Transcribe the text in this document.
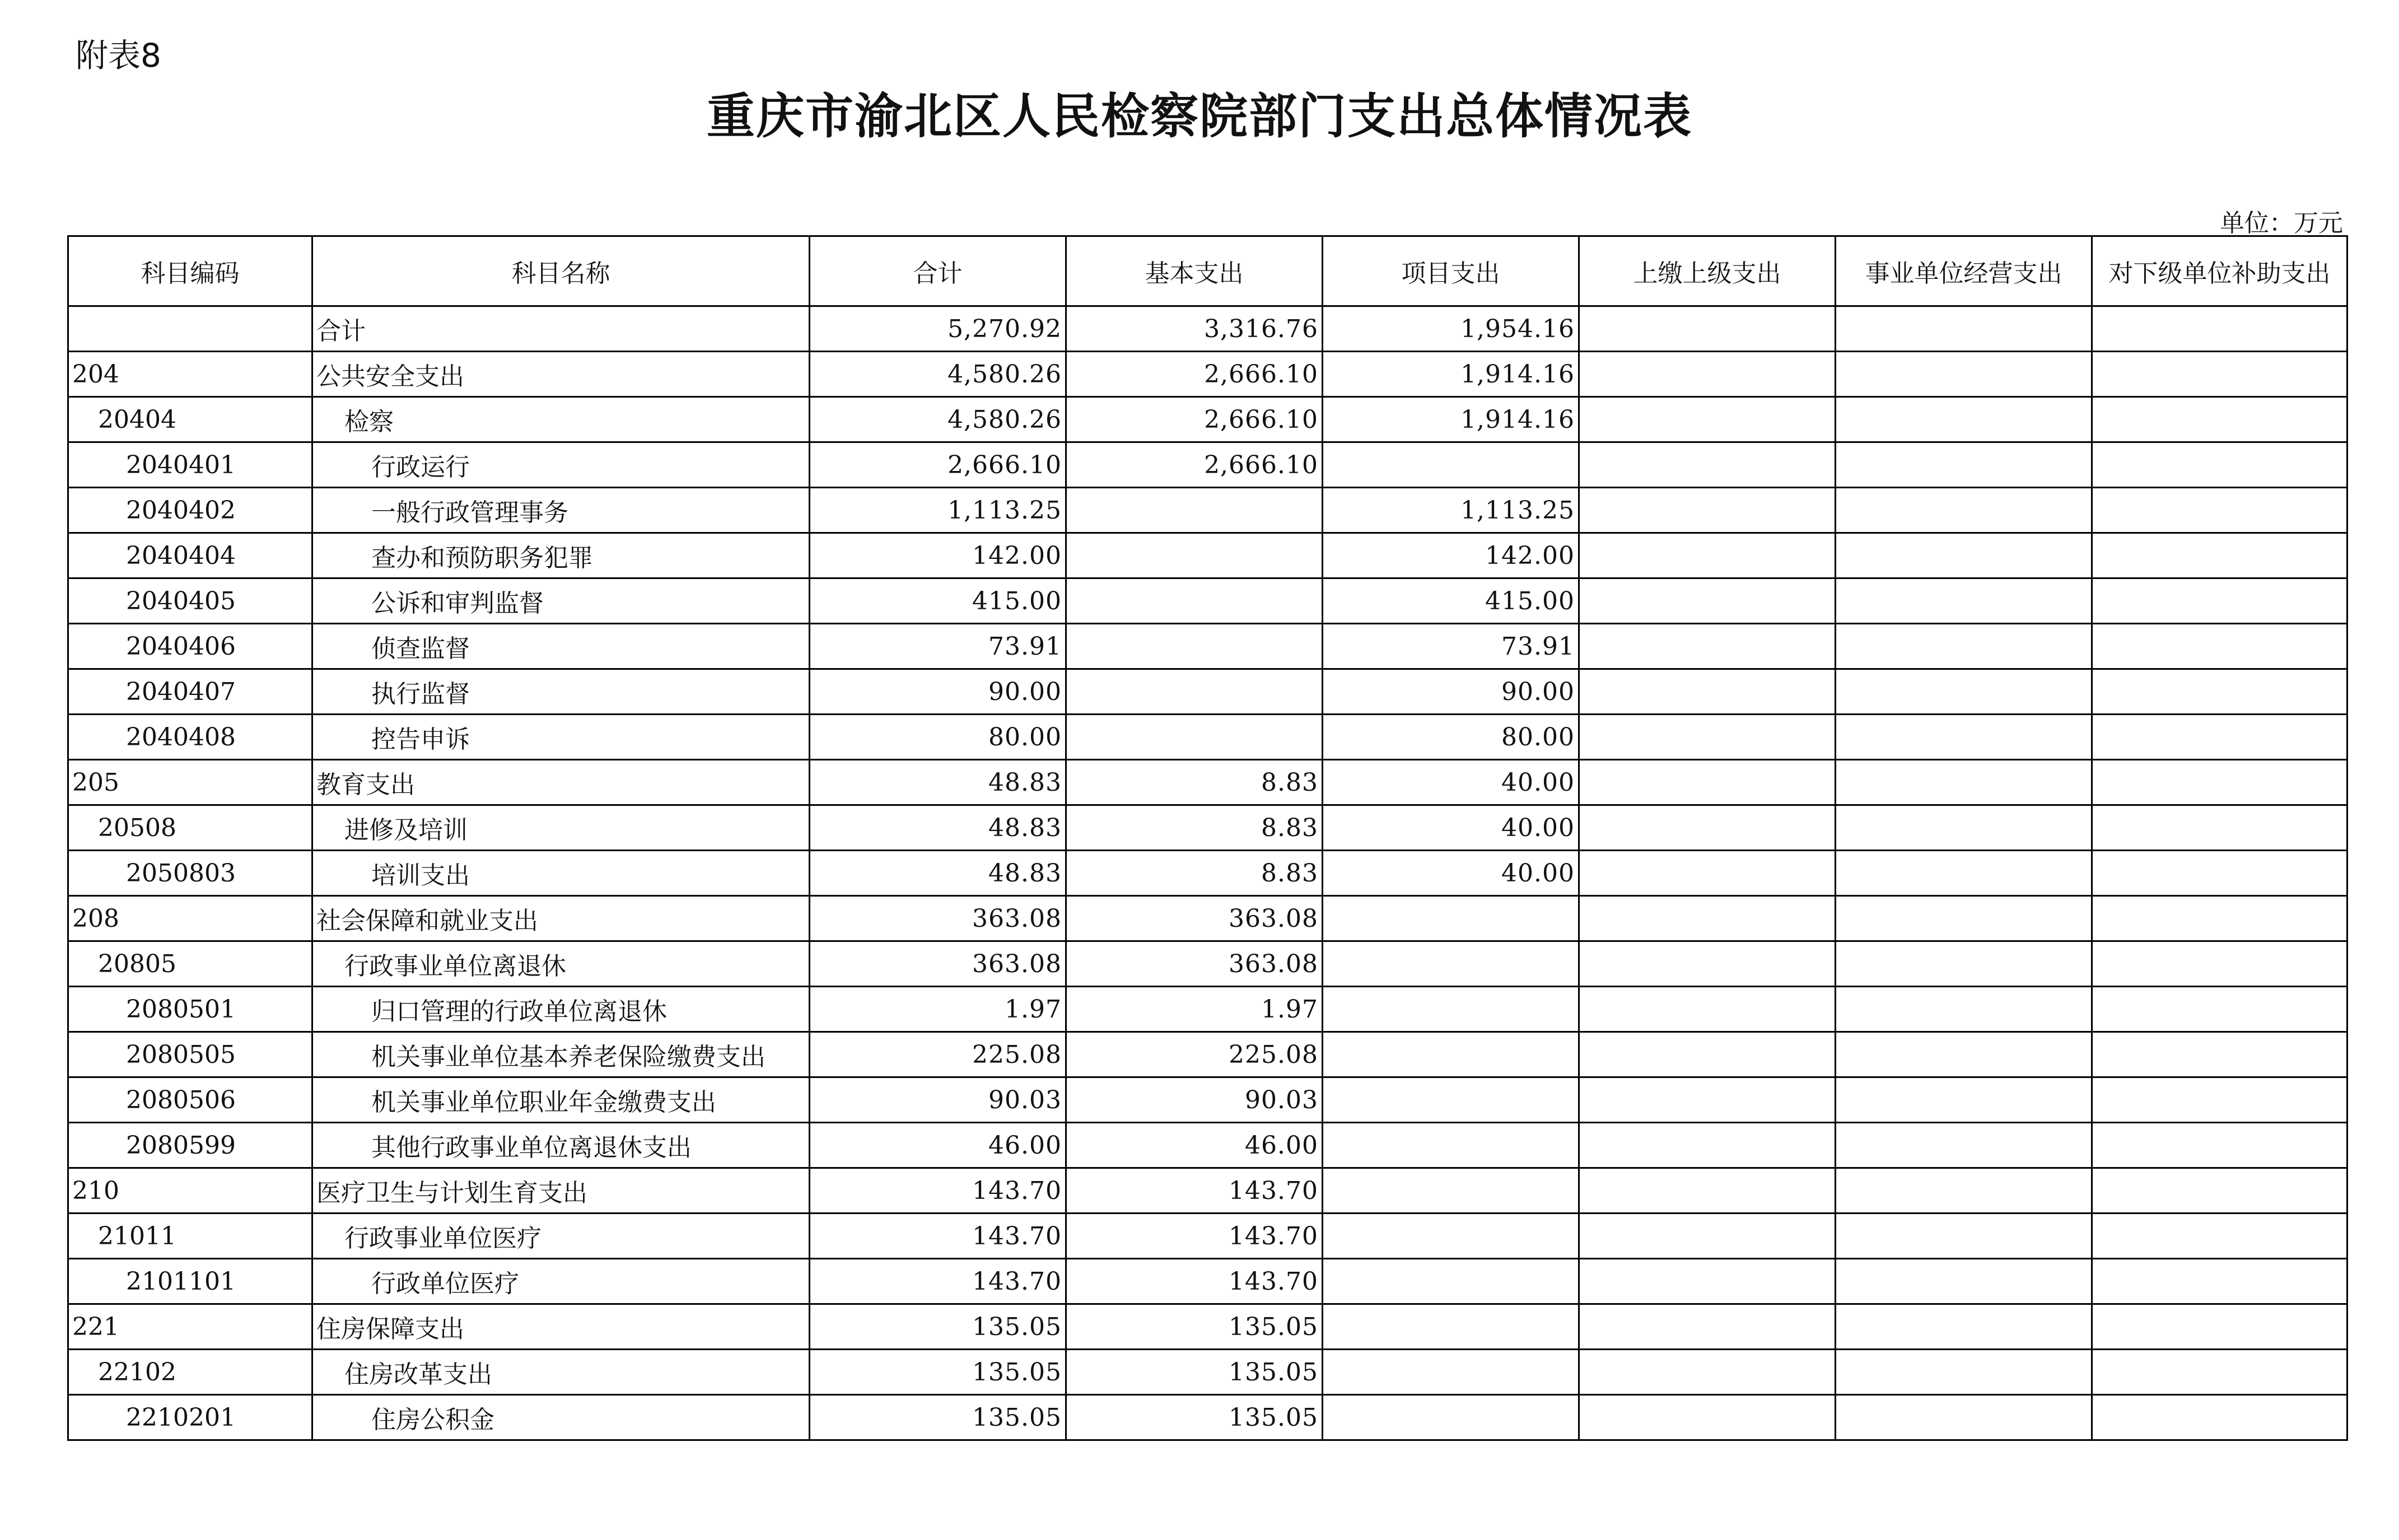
附表8
重庆市渝北区人民检察院部门支出总体情况表
单位：万元
科目编码	科目名称	合计	基本支出	项目支出	上缴上级支出	事业单位经营支出	对下级单位补助支出
	合计	5,270.92	3,316.76	1,954.16			
204	公共安全支出	4,580.26	2,666.10	1,914.16			
20404	检察	4,580.26	2,666.10	1,914.16			
2040401	行政运行	2,666.10	2,666.10				
2040402	一般行政管理事务	1,113.25		1,113.25			
2040404	查办和预防职务犯罪	142.00		142.00			
2040405	公诉和审判监督	415.00		415.00			
2040406	侦查监督	73.91		73.91			
2040407	执行监督	90.00		90.00			
2040408	控告申诉	80.00		80.00			
205	教育支出	48.83	8.83	40.00			
20508	进修及培训	48.83	8.83	40.00			
2050803	培训支出	48.83	8.83	40.00			
208	社会保障和就业支出	363.08	363.08				
20805	行政事业单位离退休	363.08	363.08				
2080501	归口管理的行政单位离退休	1.97	1.97				
2080505	机关事业单位基本养老保险缴费支出	225.08	225.08				
2080506	机关事业单位职业年金缴费支出	90.03	90.03				
2080599	其他行政事业单位离退休支出	46.00	46.00				
210	医疗卫生与计划生育支出	143.70	143.70				
21011	行政事业单位医疗	143.70	143.70				
2101101	行政单位医疗	143.70	143.70				
221	住房保障支出	135.05	135.05				
22102	住房改革支出	135.05	135.05				
2210201	住房公积金	135.05	135.05				
